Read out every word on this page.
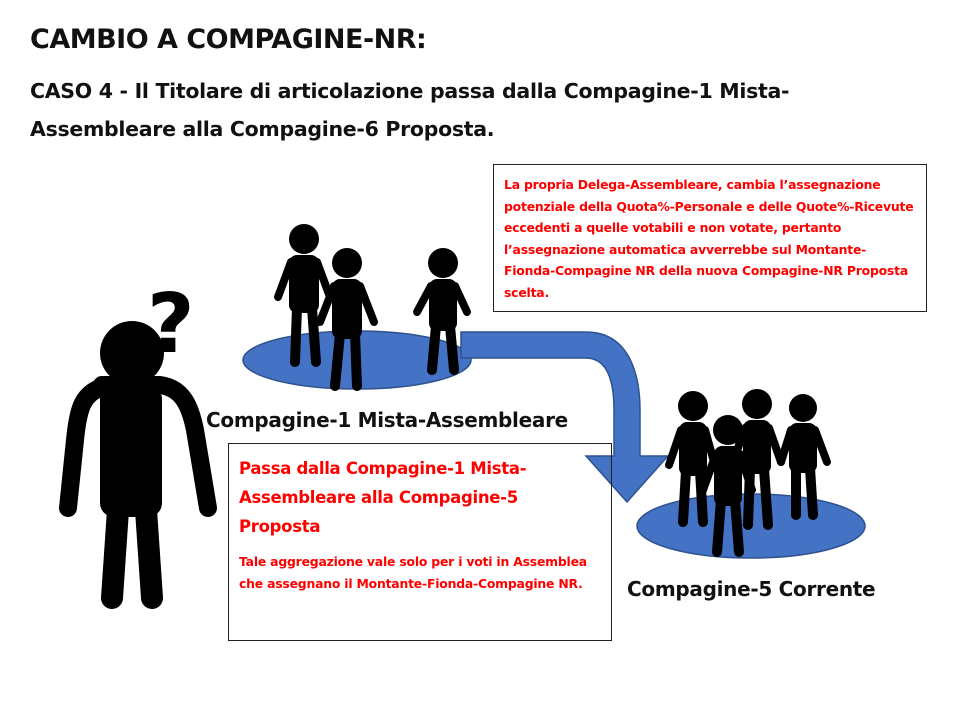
CAMBIO A COMPAGINE-NR:
CASO 4 - Il Titolare di articolazione passa dalla Compagine-1 Mista-Assembleare alla Compagine-6 Proposta.
?
La propria Delega-Assembleare, cambia l’assegnazione potenziale della Quota%-Personale e delle Quote%-Ricevute eccedenti a quelle votabili e non votate, pertanto l’assegnazione automatica avverrebbe sul Montante-Fionda-Compagine NR della nuova Compagine-NR Proposta scelta.
Compagine-1 Mista-Assembleare
Passa dalla Compagine-1 Mista-Assembleare alla Compagine-5 Proposta
Tale aggregazione vale solo per i voti in Assemblea che assegnano il Montante-Fionda-Compagine NR.	Compagine-5 Corrente
